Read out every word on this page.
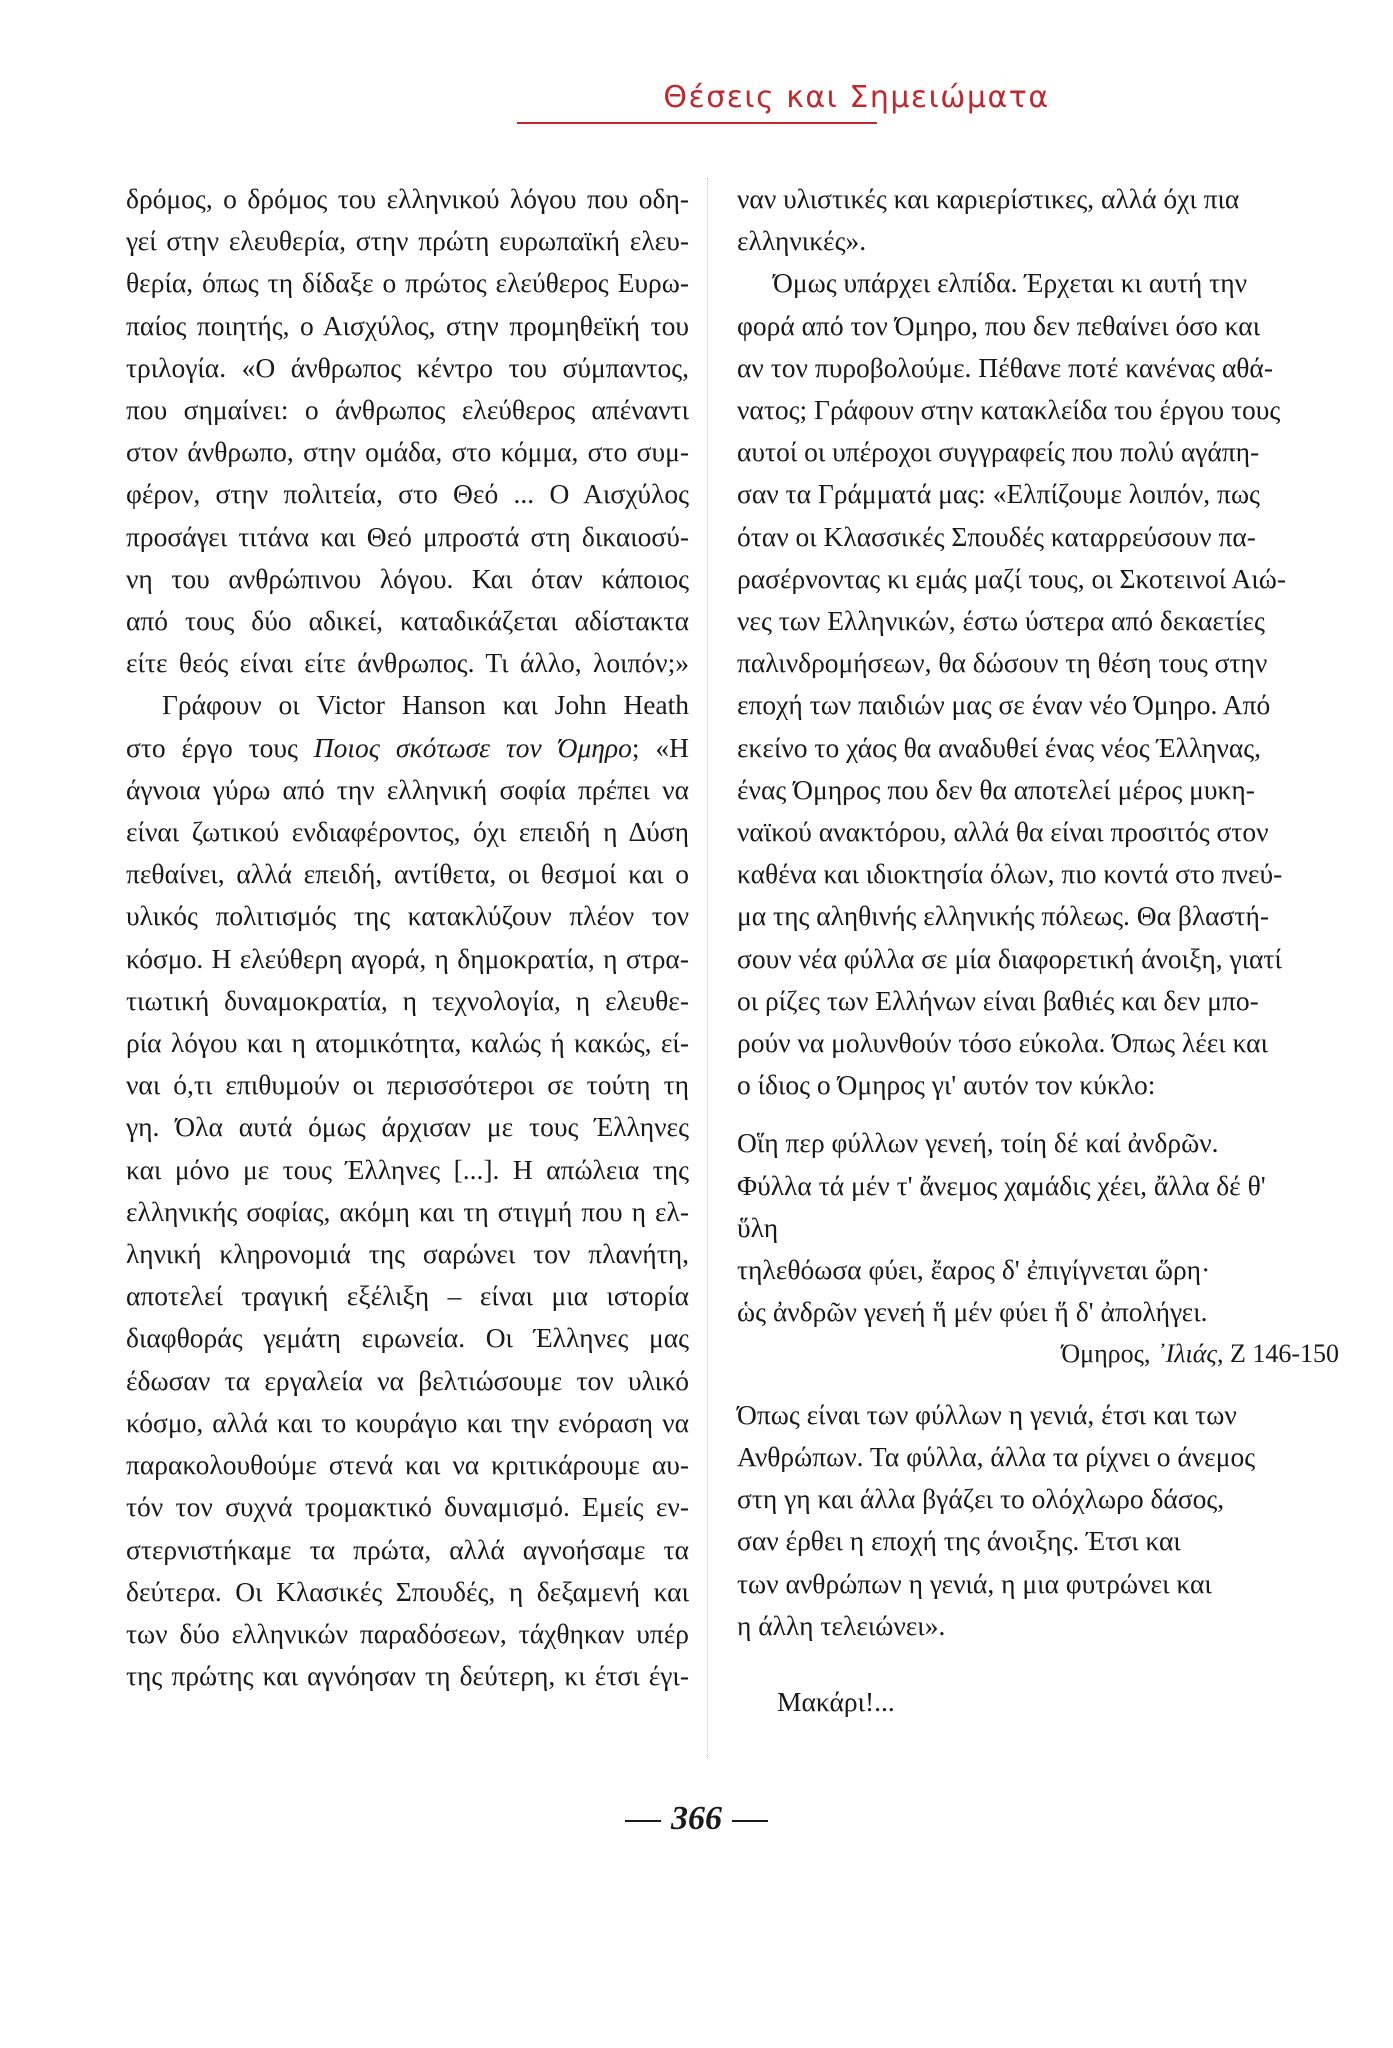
Θέσεις και Σημειώματα
δρόμος, ο δρόμος του ελληνικού λόγου που οδη-
γεί στην ελευθερία, στην πρώτη ευρωπαϊκή ελευ-
θερία, όπως τη δίδαξε ο πρώτος ελεύθερος Ευρω-
παίος ποιητής, ο Αισχύλος, στην προμηθεϊκή του
τριλογία. «Ο άνθρωπος κέντρο του σύμπαντος,
που σημαίνει: ο άνθρωπος ελεύθερος απέναντι
στον άνθρωπο, στην ομάδα, στο κόμμα, στο συμ-
φέρον, στην πολιτεία, στο Θεό ... Ο Αισχύλος
προσάγει τιτάνα και Θεό μπροστά στη δικαιοσύ-
νη του ανθρώπινου λόγου. Και όταν κάποιος
από τους δύο αδικεί, καταδικάζεται αδίστακτα
είτε θεός είναι είτε άνθρωπος. Τι άλλο, λοιπόν;»
Γράφουν οι Victor Hanson και John Heath
στο έργο τους Ποιος σκότωσε τον Όμηρο; «Η
άγνοια γύρω από την ελληνική σοφία πρέπει να
είναι ζωτικού ενδιαφέροντος, όχι επειδή η Δύση
πεθαίνει, αλλά επειδή, αντίθετα, οι θεσμοί και ο
υλικός πολιτισμός της κατακλύζουν πλέον τον
κόσμο. Η ελεύθερη αγορά, η δημοκρατία, η στρα-
τιωτική δυναμοκρατία, η τεχνολογία, η ελευθε-
ρία λόγου και η ατομικότητα, καλώς ή κακώς, εί-
ναι ό,τι επιθυμούν οι περισσότεροι σε τούτη τη
γη. Όλα αυτά όμως άρχισαν με τους Έλληνες
και μόνο με τους Έλληνες [...]. Η απώλεια της
ελληνικής σοφίας, ακόμη και τη στιγμή που η ελ-
ληνική κληρονομιά της σαρώνει τον πλανήτη,
αποτελεί τραγική εξέλιξη – είναι μια ιστορία
διαφθοράς γεμάτη ειρωνεία. Οι Έλληνες μας
έδωσαν τα εργαλεία να βελτιώσουμε τον υλικό
κόσμο, αλλά και το κουράγιο και την ενόραση να
παρακολουθούμε στενά και να κριτικάρουμε αυ-
τόν τον συχνά τρομακτικό δυναμισμό. Εμείς εν-
στερνιστήκαμε τα πρώτα, αλλά αγνοήσαμε τα
δεύτερα. Οι Κλασικές Σπουδές, η δεξαμενή και
των δύο ελληνικών παραδόσεων, τάχθηκαν υπέρ
της πρώτης και αγνόησαν τη δεύτερη, κι έτσι έγι-
ναν υλιστικές και καριερίστικες, αλλά όχι πια
ελληνικές».
Όμως υπάρχει ελπίδα. Έρχεται κι αυτή την
φορά από τον Όμηρο, που δεν πεθαίνει όσο και
αν τον πυροβολούμε. Πέθανε ποτέ κανένας αθά-
νατος; Γράφουν στην κατακλείδα του έργου τους
αυτοί οι υπέροχοι συγγραφείς που πολύ αγάπη-
σαν τα Γράμματά μας: «Ελπίζουμε λοιπόν, πως
όταν οι Κλασσικές Σπουδές καταρρεύσουν πα-
ρασέρνοντας κι εμάς μαζί τους, οι Σκοτεινοί Αιώ-
νες των Ελληνικών, έστω ύστερα από δεκαετίες
παλινδρομήσεων, θα δώσουν τη θέση τους στην
εποχή των παιδιών μας σε έναν νέο Όμηρο. Από
εκείνο το χάος θα αναδυθεί ένας νέος Έλληνας,
ένας Όμηρος που δεν θα αποτελεί μέρος μυκη-
ναϊκού ανακτόρου, αλλά θα είναι προσιτός στον
καθένα και ιδιοκτησία όλων, πιο κοντά στο πνεύ-
μα της αληθινής ελληνικής πόλεως. Θα βλαστή-
σουν νέα φύλλα σε μία διαφορετική άνοιξη, γιατί
οι ρίζες των Ελλήνων είναι βαθιές και δεν μπο-
ρούν να μολυνθούν τόσο εύκολα. Όπως λέει και
ο ίδιος ο Όμηρος γι' αυτόν τον κύκλο:
Οἵη περ φύλλων γενεή, τοίη δέ καί ἀνδρῶν.
Φύλλα τά μέν τ' ἄνεμος χαμάδις χέει, ἄλλα δέ θ'
ὕλη
τηλεθόωσα φύει, ἔαρος δ' ἐπιγίγνεται ὥρη·
ὡς ἀνδρῶν γενεή ἥ μέν φύει ἥ δ' ἀπολήγει.
Όμηρος, ᾿Ιλιάς, Ζ 146-150
Όπως είναι των φύλλων η γενιά, έτσι και των
Ανθρώπων. Τα φύλλα, άλλα τα ρίχνει ο άνεμος
στη γη και άλλα βγάζει το ολόχλωρο δάσος,
σαν έρθει η εποχή της άνοιξης. Έτσι και
των ανθρώπων η γενιά, η μια φυτρώνει και
η άλλη τελειώνει».
Μακάρι!...
366
